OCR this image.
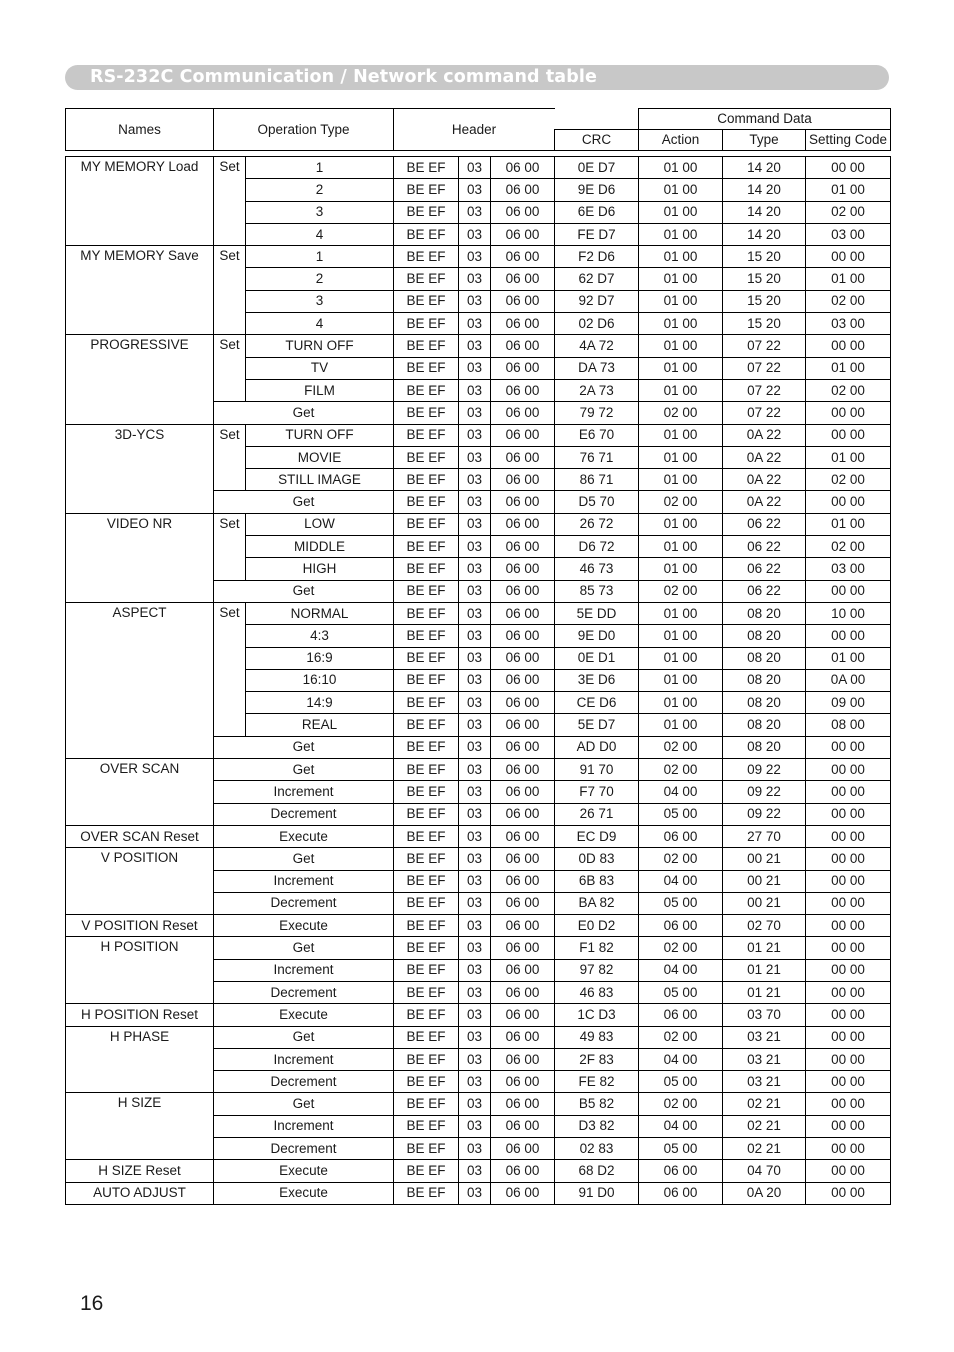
RS-232C Communication / Network command table
Names	Operation Type		Header				Command Data		
						CRC	Action	Type	Setting Code

MY MEMORY Load	Set	1	BE EF	03	06 00	0E D7	01 00	14 20	00 00
		2	BE EF	03	06 00	9E D6	01 00	14 20	01 00
		3	BE EF	03	06 00	6E D6	01 00	14 20	02 00
		4	BE EF	03	06 00	FE D7	01 00	14 20	03 00
MY MEMORY Save	Set	1	BE EF	03	06 00	F2 D6	01 00	15 20	00 00
		2	BE EF	03	06 00	62 D7	01 00	15 20	01 00
		3	BE EF	03	06 00	92 D7	01 00	15 20	02 00
		4	BE EF	03	06 00	02 D6	01 00	15 20	03 00
PROGRESSIVE	Set	TURN OFF	BE EF	03	06 00	4A 72	01 00	07 22	00 00
		TV	BE EF	03	06 00	DA 73	01 00	07 22	01 00
		FILM	BE EF	03	06 00	2A 73	01 00	07 22	02 00
	Get		BE EF	03	06 00	79 72	02 00	07 22	00 00
3D-YCS	Set	TURN OFF	BE EF	03	06 00	E6 70	01 00	0A 22	00 00
		MOVIE	BE EF	03	06 00	76 71	01 00	0A 22	01 00
		STILL IMAGE	BE EF	03	06 00	86 71	01 00	0A 22	02 00
	Get		BE EF	03	06 00	D5 70	02 00	0A 22	00 00
VIDEO NR	Set	LOW	BE EF	03	06 00	26 72	01 00	06 22	01 00
		MIDDLE	BE EF	03	06 00	D6 72	01 00	06 22	02 00
		HIGH	BE EF	03	06 00	46 73	01 00	06 22	03 00
	Get		BE EF	03	06 00	85 73	02 00	06 22	00 00
ASPECT	Set	NORMAL	BE EF	03	06 00	5E DD	01 00	08 20	10 00
		4:3	BE EF	03	06 00	9E D0	01 00	08 20	00 00
		16:9	BE EF	03	06 00	0E D1	01 00	08 20	01 00
		16:10	BE EF	03	06 00	3E D6	01 00	08 20	0A 00
		14:9	BE EF	03	06 00	CE D6	01 00	08 20	09 00
		REAL	BE EF	03	06 00	5E D7	01 00	08 20	08 00
	Get		BE EF	03	06 00	AD D0	02 00	08 20	00 00
OVER SCAN	Get		BE EF	03	06 00	91 70	02 00	09 22	00 00
	Increment		BE EF	03	06 00	F7 70	04 00	09 22	00 00
	Decrement		BE EF	03	06 00	26 71	05 00	09 22	00 00
OVER SCAN Reset	Execute		BE EF	03	06 00	EC D9	06 00	27 70	00 00
V POSITION	Get		BE EF	03	06 00	0D 83	02 00	00 21	00 00
	Increment		BE EF	03	06 00	6B 83	04 00	00 21	00 00
	Decrement		BE EF	03	06 00	BA 82	05 00	00 21	00 00
V POSITION Reset	Execute		BE EF	03	06 00	E0 D2	06 00	02 70	00 00
H POSITION	Get		BE EF	03	06 00	F1 82	02 00	01 21	00 00
	Increment		BE EF	03	06 00	97 82	04 00	01 21	00 00
	Decrement		BE EF	03	06 00	46 83	05 00	01 21	00 00
H POSITION Reset	Execute		BE EF	03	06 00	1C D3	06 00	03 70	00 00
H PHASE	Get		BE EF	03	06 00	49 83	02 00	03 21	00 00
	Increment		BE EF	03	06 00	2F 83	04 00	03 21	00 00
	Decrement		BE EF	03	06 00	FE 82	05 00	03 21	00 00
H SIZE	Get		BE EF	03	06 00	B5 82	02 00	02 21	00 00
	Increment		BE EF	03	06 00	D3 82	04 00	02 21	00 00
	Decrement		BE EF	03	06 00	02 83	05 00	02 21	00 00
H SIZE Reset	Execute		BE EF	03	06 00	68 D2	06 00	04 70	00 00
AUTO ADJUST	Execute		BE EF	03	06 00	91 D0	06 00	0A 20	00 00
16
